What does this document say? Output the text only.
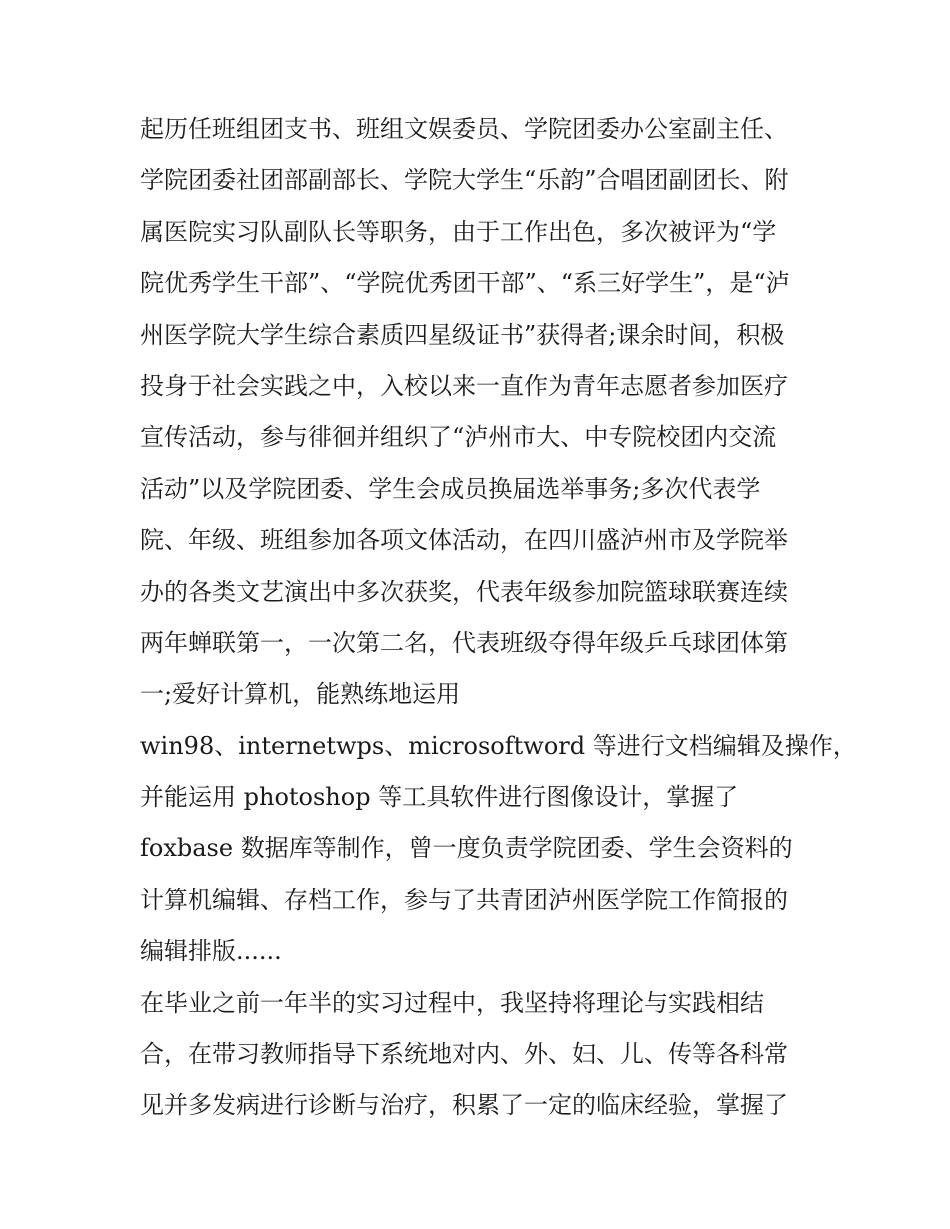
起历任班组团支书、班组文娱委员、学院团委办公室副主任、

学院团委社团部副部长、学院大学生“乐韵”合唱团副团长、附

属医院实习队副队长等职务，由于工作出色，多次被评为“学

院优秀学生干部”、“学院优秀团干部”、“系三好学生”，是“泸

州医学院大学生综合素质四星级证书”获得者;课余时间，积极

投身于社会实践之中，入校以来一直作为青年志愿者参加医疗

宣传活动，参与徘徊并组织了“泸州市大、中专院校团内交流

活动”以及学院团委、学生会成员换届选举事务;多次代表学

院、年级、班组参加各项文体活动，在四川盛泸州市及学院举

办的各类文艺演出中多次获奖，代表年级参加院篮球联赛连续

两年蝉联第一，一次第二名，代表班级夺得年级乒乓球团体第

一;爱好计算机，能熟练地运用

win98、internetwps、microsoftword 等进行文档编辑及操作，

并能运用 photoshop 等工具软件进行图像设计，掌握了

foxbase 数据库等制作，曾一度负责学院团委、学生会资料的

计算机编辑、存档工作，参与了共青团泸州医学院工作简报的

编辑排版......

在毕业之前一年半的实习过程中，我坚持将理论与实践相结

合，在带习教师指导下系统地对内、外、妇、儿、传等各科常

见并多发病进行诊断与治疗，积累了一定的临床经验，掌握了
